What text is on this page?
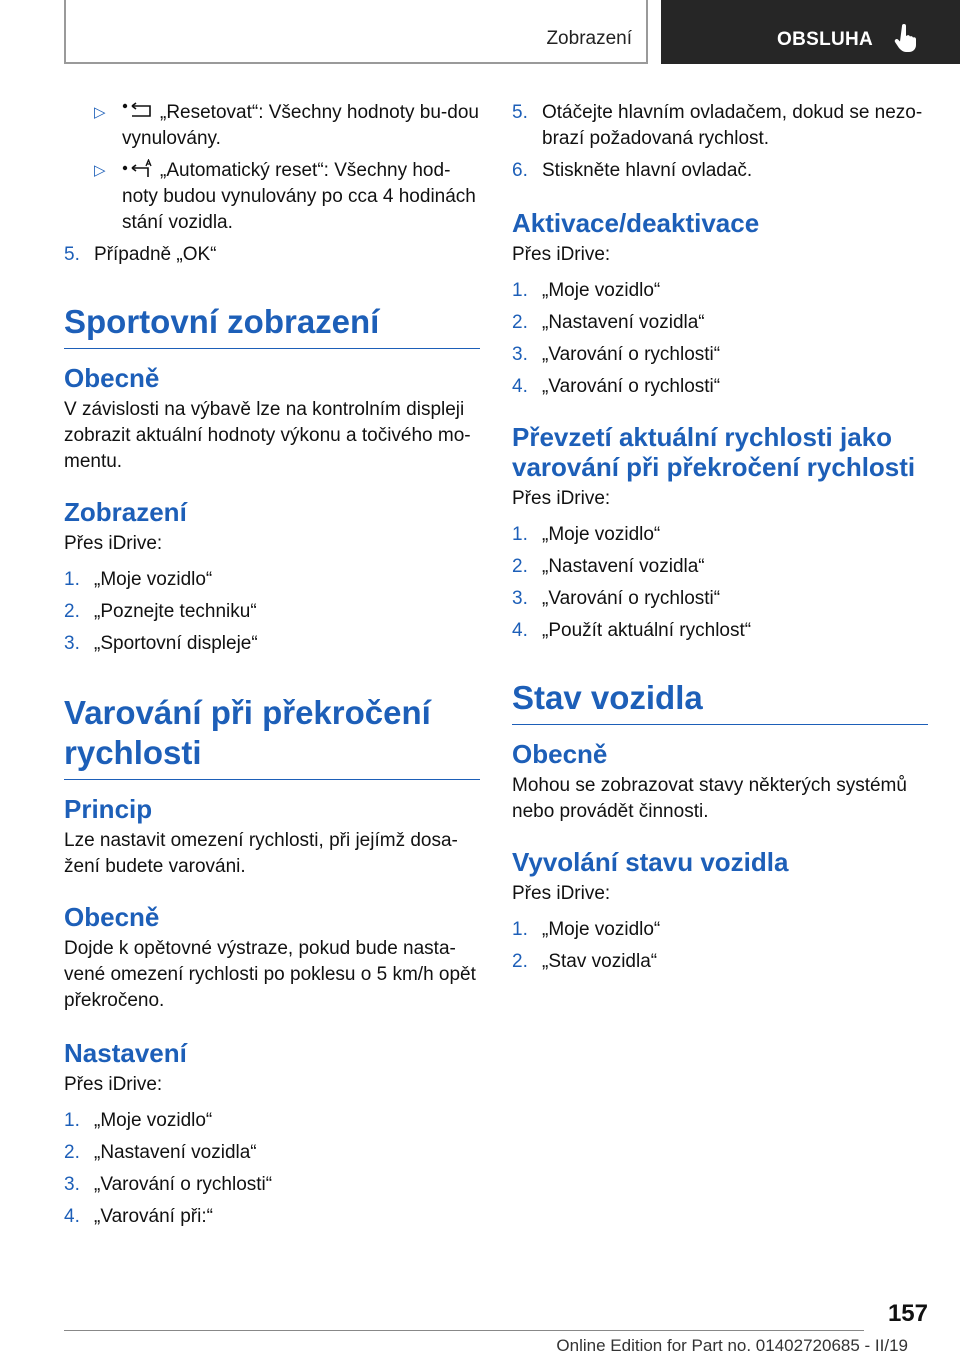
Zobrazení	OBSLUHA
▷	„Resetovat“: Všechny hodnoty bu-dou vynulovány.
▷	„Automatický reset“: Všechny hod-noty budou vynulovány po cca 4 hodinách stání vozidla.
5. Případně „OK“
Sportovní zobrazení
Obecně
V závislosti na výbavě lze na kontrolním displeji zobrazit aktuální hodnoty výkonu a točivého mo-mentu.
Zobrazení
Přes iDrive:
1. „Moje vozidlo“
2. „Poznejte techniku“
3. „Sportovní displeje“
Varování při překročení rychlosti
Princip
Lze nastavit omezení rychlosti, při jejímž dosa-žení budete varováni.
Obecně
Dojde k opětovné výstraze, pokud bude nasta-vené omezení rychlosti po poklesu o 5 km/h opět překročeno.
Nastavení
Přes iDrive:
1. „Moje vozidlo“
2. „Nastavení vozidla“
3. „Varování o rychlosti“
4. „Varování při:“
5. Otáčejte hlavním ovladačem, dokud se nezo-brazí požadovaná rychlost.
6. Stiskněte hlavní ovladač.
Aktivace/deaktivace
Přes iDrive:
1. „Moje vozidlo“
2. „Nastavení vozidla“
3. „Varování o rychlosti“
4. „Varování o rychlosti“
Převzetí aktuální rychlosti jako varování při překročení rychlosti
Přes iDrive:
1. „Moje vozidlo“
2. „Nastavení vozidla“
3. „Varování o rychlosti“
4. „Použít aktuální rychlost“
Stav vozidla
Obecně
Mohou se zobrazovat stavy některých systémů nebo provádět činnosti.
Vyvolání stavu vozidla
Přes iDrive:
1. „Moje vozidlo“
2. „Stav vozidla“
157
Online Edition for Part no. 01402720685 - II/19
